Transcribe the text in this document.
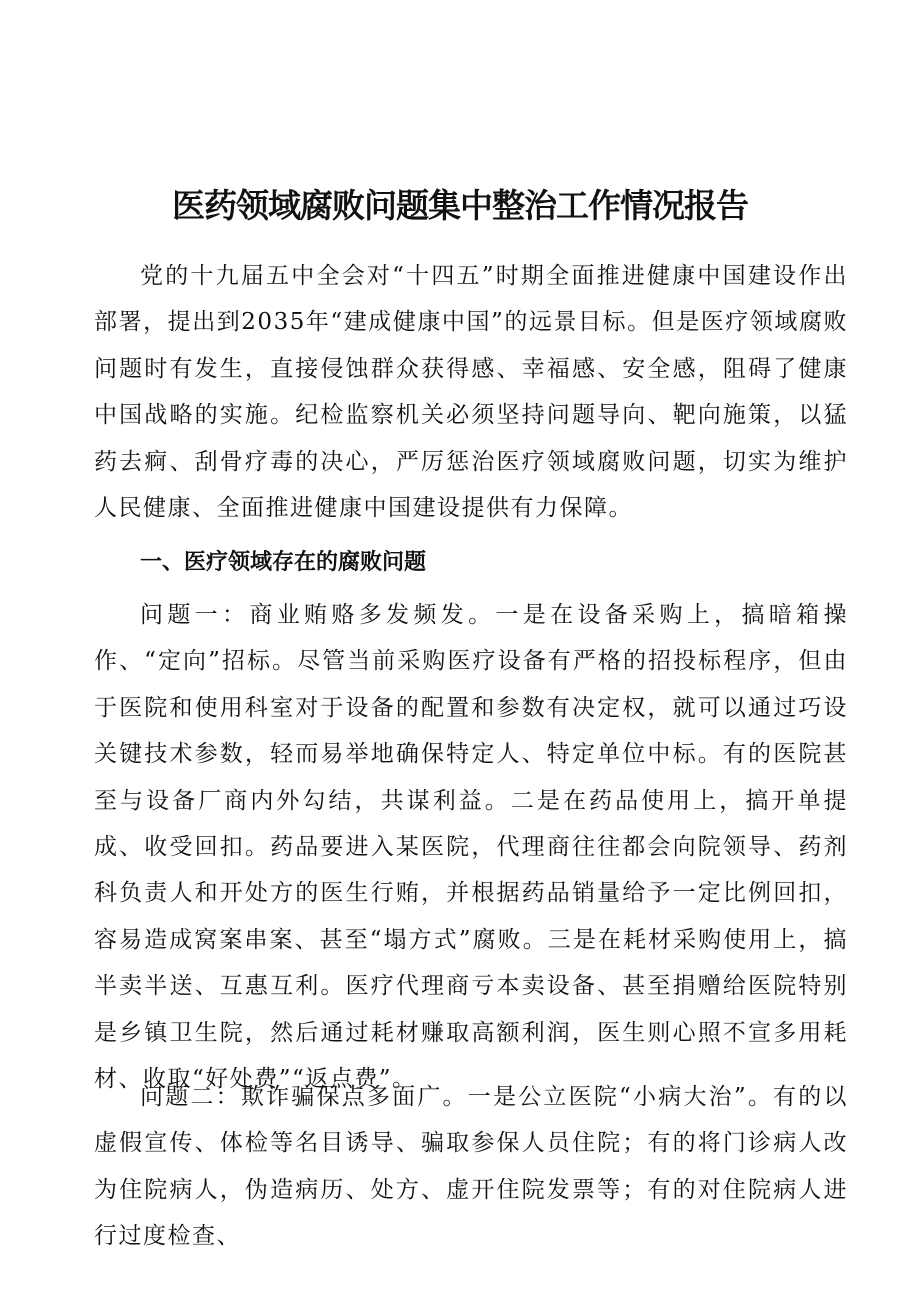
医药领域腐败问题集中整治工作情况报告

党的十九届五中全会对“十四五”时期全面推进健康中国建设作出部署，提出到2035年“建成健康中国”的远景目标。但是医疗领域腐败问题时有发生，直接侵蚀群众获得感、幸福感、安全感，阻碍了健康中国战略的实施。纪检监察机关必须坚持问题导向、靶向施策，以猛药去痾、刮骨疗毒的决心，严厉惩治医疗领域腐败问题，切实为维护人民健康、全面推进健康中国建设提供有力保障。

一、医疗领域存在的腐败问题

问题一：商业贿赂多发频发。一是在设备采购上，搞暗箱操作、“定向”招标。尽管当前采购医疗设备有严格的招投标程序，但由于医院和使用科室对于设备的配置和参数有决定权，就可以通过巧设关键技术参数，轻而易举地确保特定人、特定单位中标。有的医院甚至与设备厂商内外勾结，共谋利益。二是在药品使用上，搞开单提成、收受回扣。药品要进入某医院，代理商往往都会向院领导、药剂科负责人和开处方的医生行贿，并根据药品销量给予一定比例回扣，容易造成窝案串案、甚至“塌方式”腐败。三是在耗材采购使用上，搞半卖半送、互惠互利。医疗代理商亏本卖设备、甚至捐赠给医院特别是乡镇卫生院，然后通过耗材赚取高额利润，医生则心照不宣多用耗材、收取“好处费”“返点费”。

问题二：欺诈骗保点多面广。一是公立医院“小病大治”。有的以虚假宣传、体检等名目诱导、骗取参保人员住院；有的将门诊病人改为住院病人，伪造病历、处方、虚开住院发票等；有的对住院病人进行过度检查、
